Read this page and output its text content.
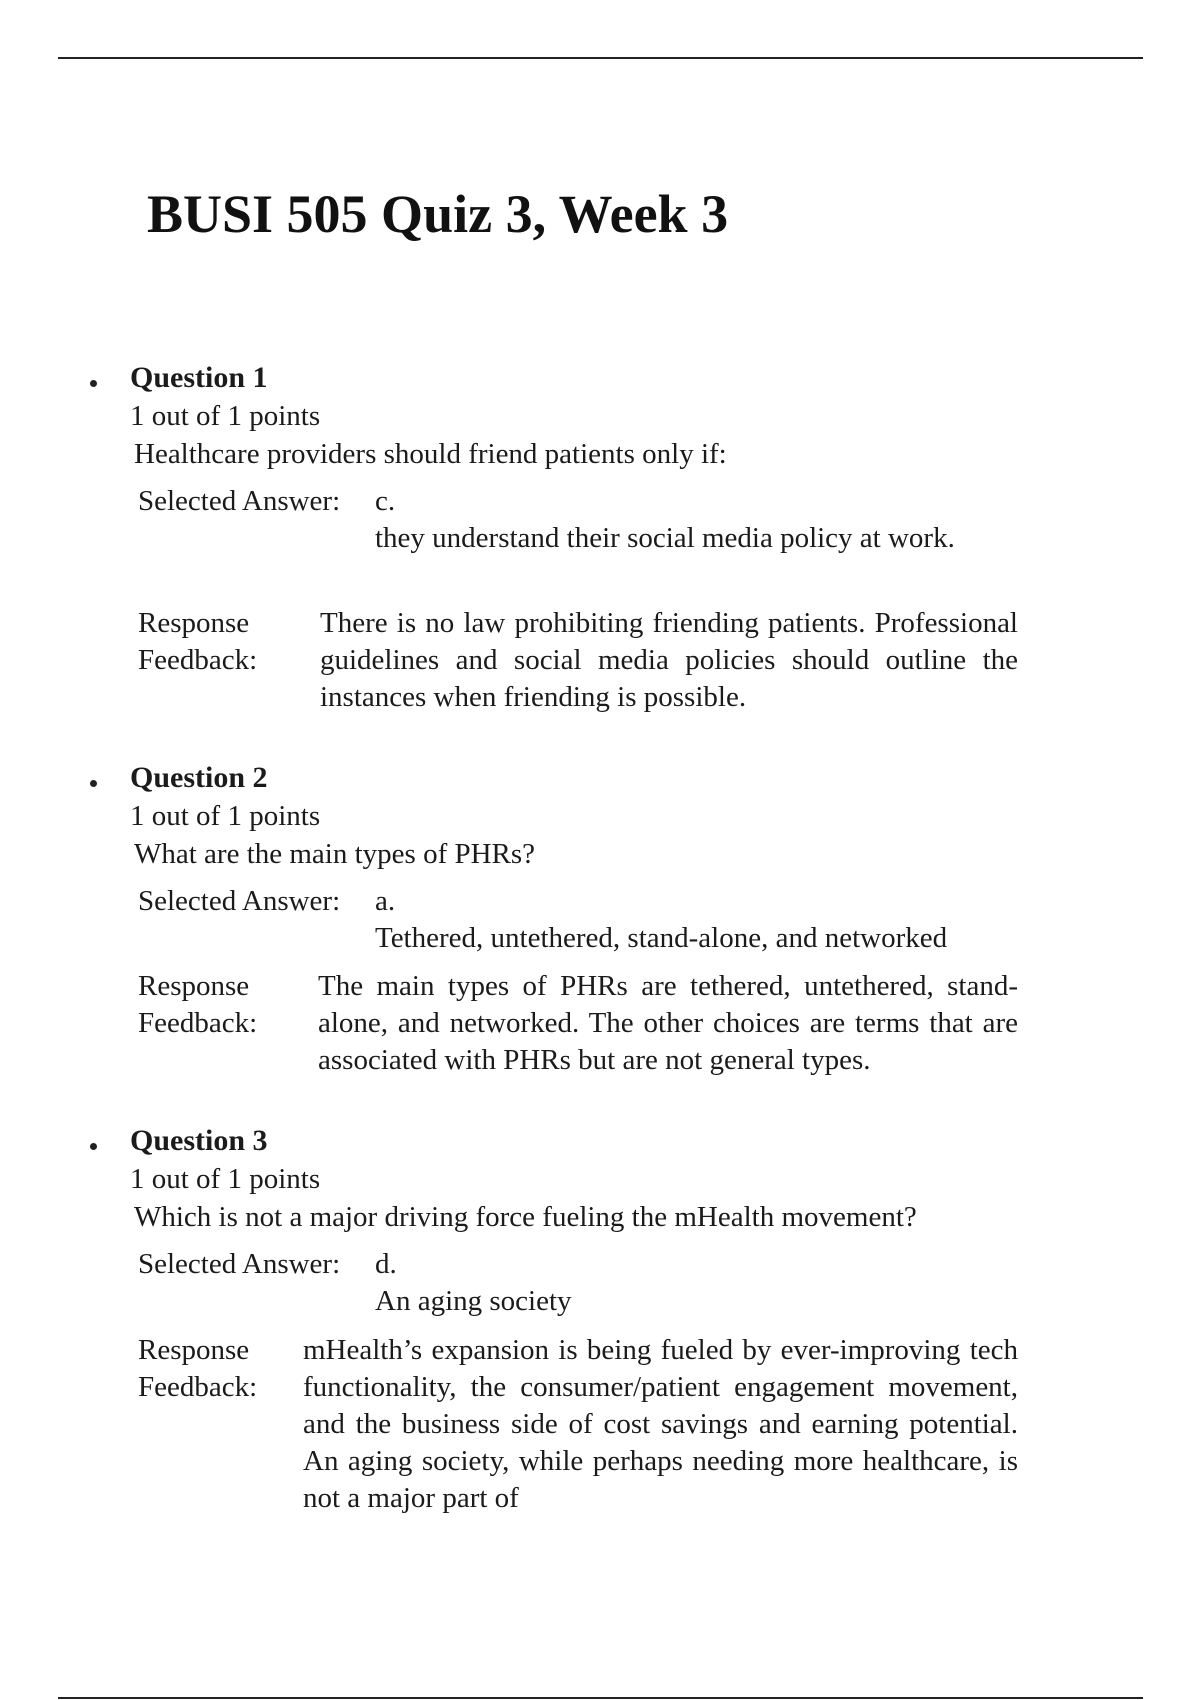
BUSI 505 Quiz 3, Week 3
Question 1
1 out of 1 points
Healthcare providers should friend patients only if:
Selected Answer: c.
they understand their social media policy at work.
Response Feedback:
There is no law prohibiting friending patients. Professional guidelines and social media policies should outline the instances when friending is possible.
Question 2
1 out of 1 points
What are the main types of PHRs?
Selected Answer: a.
Tethered, untethered, stand-alone, and networked
Response Feedback:
The main types of PHRs are tethered, untethered, stand-alone, and networked. The other choices are terms that are associated with PHRs but are not general types.
Question 3
1 out of 1 points
Which is not a major driving force fueling the mHealth movement?
Selected Answer: d.
An aging society
Response Feedback:
mHealth’s expansion is being fueled by ever-improving tech functionality, the consumer/patient engagement movement, and the business side of cost savings and earning potential. An aging society, while perhaps needing more healthcare, is not a major part of
